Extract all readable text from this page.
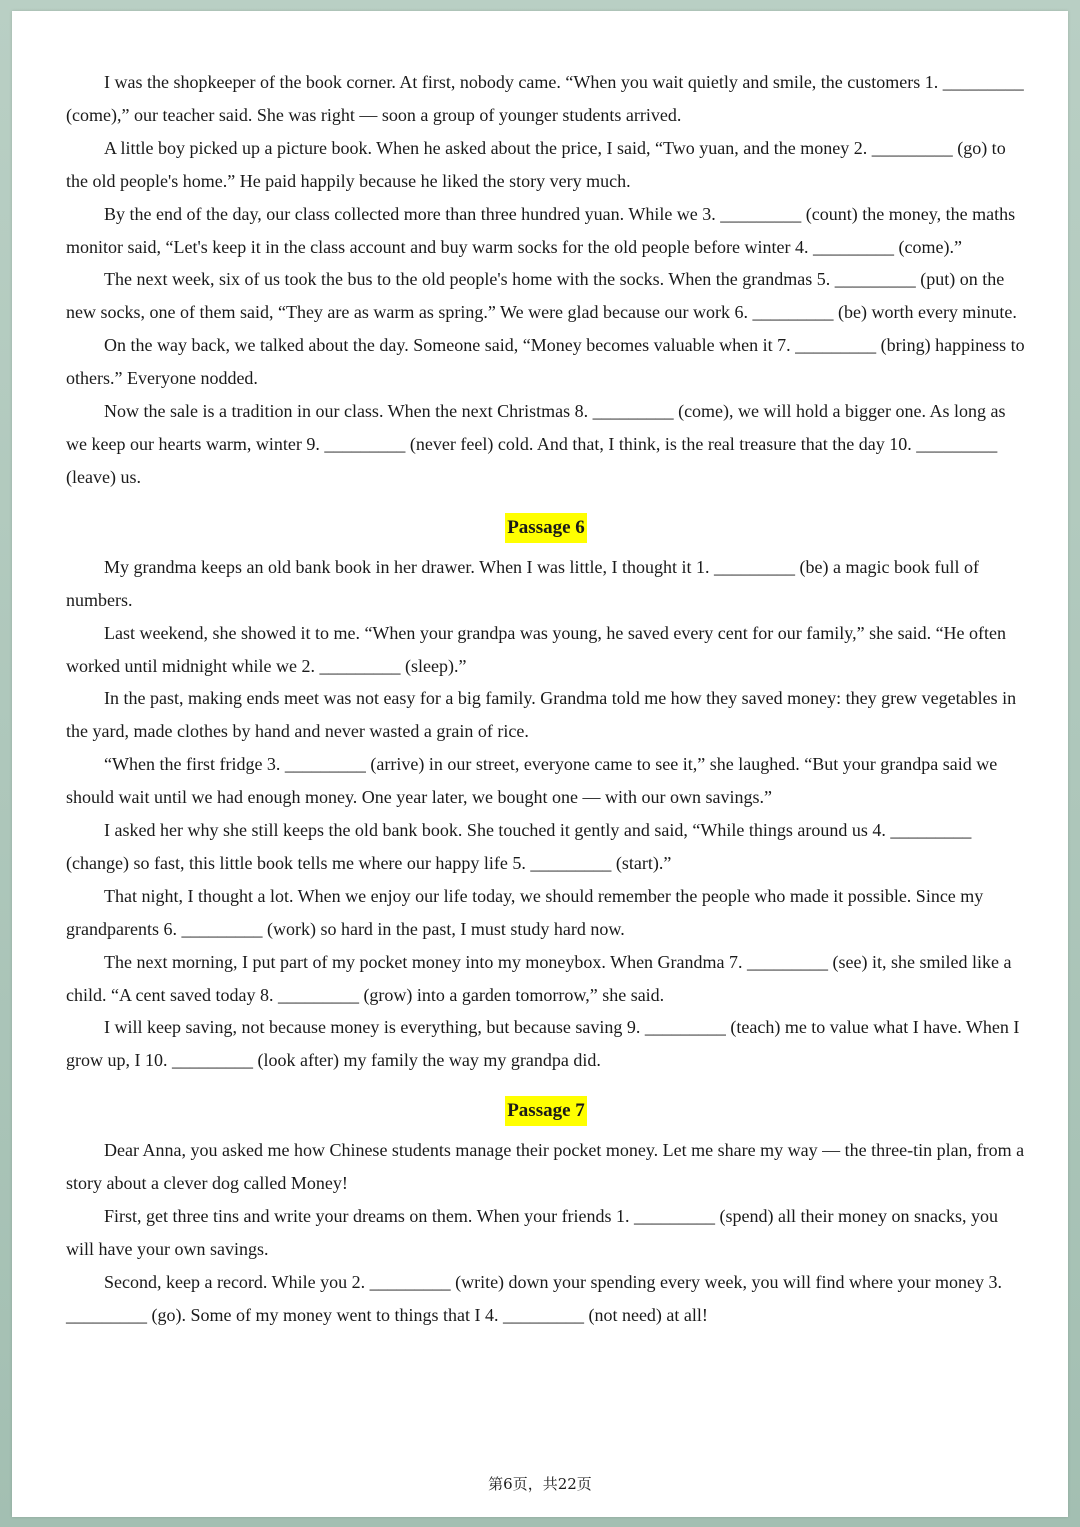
I was the shopkeeper of the book corner. At first, nobody came. “When you wait quietly and smile, the customers 1. _________ (come),” our teacher said. She was right — soon a group of younger students arrived.

A little boy picked up a picture book. When he asked about the price, I said, “Two yuan, and the money 2. _________ (go) to the old people's home.” He paid happily because he liked the story very much.

By the end of the day, our class collected more than three hundred yuan. While we 3. _________ (count) the money, the maths monitor said, “Let's keep it in the class account and buy warm socks for the old people before winter 4. _________ (come).”

The next week, six of us took the bus to the old people's home with the socks. When the grandmas 5. _________ (put) on the new socks, one of them said, “They are as warm as spring.” We were glad because our work 6. _________ (be) worth every minute.

On the way back, we talked about the day. Someone said, “Money becomes valuable when it 7. _________ (bring) happiness to others.” Everyone nodded.

Now the sale is a tradition in our class. When the next Christmas 8. _________ (come), we will hold a bigger one. As long as we keep our hearts warm, winter 9. _________ (never feel) cold. And that, I think, is the real treasure that the day 10. _________ (leave) us.

Passage 6

My grandma keeps an old bank book in her drawer. When I was little, I thought it 1. _________ (be) a magic book full of numbers.

Last weekend, she showed it to me. “When your grandpa was young, he saved every cent for our family,” she said. “He often worked until midnight while we 2. _________ (sleep).”

In the past, making ends meet was not easy for a big family. Grandma told me how they saved money: they grew vegetables in the yard, made clothes by hand and never wasted a grain of rice.

“When the first fridge 3. _________ (arrive) in our street, everyone came to see it,” she laughed. “But your grandpa said we should wait until we had enough money. One year later, we bought one — with our own savings.”

I asked her why she still keeps the old bank book. She touched it gently and said, “While things around us 4. _________ (change) so fast, this little book tells me where our happy life 5. _________ (start).”

That night, I thought a lot. When we enjoy our life today, we should remember the people who made it possible. Since my grandparents 6. _________ (work) so hard in the past, I must study hard now.

The next morning, I put part of my pocket money into my moneybox. When Grandma 7. _________ (see) it, she smiled like a child. “A cent saved today 8. _________ (grow) into a garden tomorrow,” she said.

I will keep saving, not because money is everything, but because saving 9. _________ (teach) me to value what I have. When I grow up, I 10. _________ (look after) my family the way my grandpa did.

Passage 7

Dear Anna, you asked me how Chinese students manage their pocket money. Let me share my way — the three-tin plan, from a story about a clever dog called Money!

First, get three tins and write your dreams on them. When your friends 1. _________ (spend) all their money on snacks, you will have your own savings.

Second, keep a record. While you 2. _________ (write) down your spending every week, you will find where your money 3. _________ (go). Some of my money went to things that I 4. _________ (not need) at all!

第6页，共22页
